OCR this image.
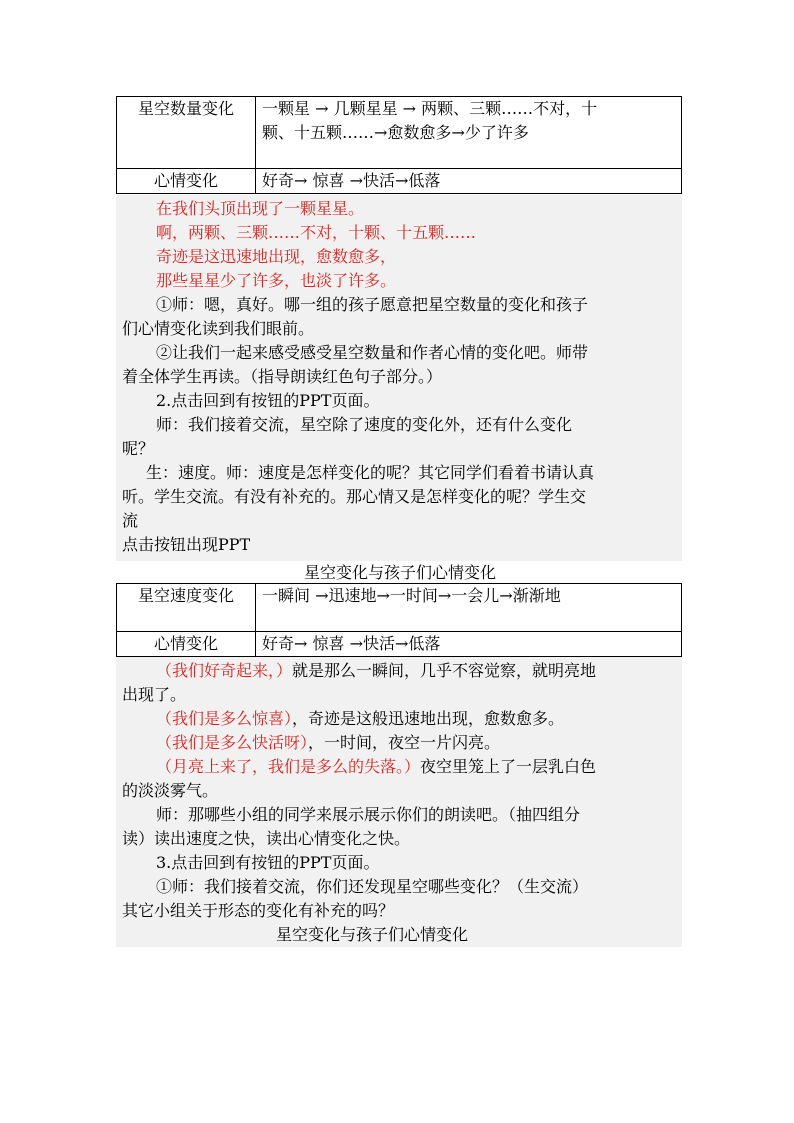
星空数量变化	一颗星 → 几颗星星 → 两颗、三颗……不对，十
颗、十五颗……→愈数愈多→少了许多

心情变化	好奇→ 惊喜 →快活→低落
在我们头顶出现了一颗星星。
啊，两颗、三颗……不对，十颗、十五颗……
奇迹是这迅速地出现，愈数愈多，
那些星星少了许多，也淡了许多。
①师：嗯，真好。哪一组的孩子愿意把星空数量的变化和孩子
们心情变化读到我们眼前。
②让我们一起来感受感受星空数量和作者心情的变化吧。师带
着全体学生再读。（指导朗读红色句子部分。）
2.点击回到有按钮的PPT页面。
师：我们接着交流，星空除了速度的变化外，还有什么变化
呢？
生：速度。师：速度是怎样变化的呢？其它同学们看着书请认真
听。学生交流。有没有补充的。那心情又是怎样变化的呢？学生交
流
点击按钮出现PPT
星空变化与孩子们心情变化
星空速度变化	一瞬间 →迅速地→一时间→一会儿→渐渐地
心情变化	好奇→ 惊喜 →快活→低落
（我们好奇起来，）就是那么一瞬间，几乎不容觉察，就明亮地
出现了。
（我们是多么惊喜），奇迹是这般迅速地出现，愈数愈多。
（我们是多么快活呀），一时间，夜空一片闪亮。
（月亮上来了，我们是多么的失落。）夜空里笼上了一层乳白色
的淡淡雾气。
师：那哪些小组的同学来展示展示你们的朗读吧。（抽四组分
读）读出速度之快，读出心情变化之快。
3.点击回到有按钮的PPT页面。
①师：我们接着交流，你们还发现星空哪些变化？（生交流）
其它小组关于形态的变化有补充的吗？
星空变化与孩子们心情变化
